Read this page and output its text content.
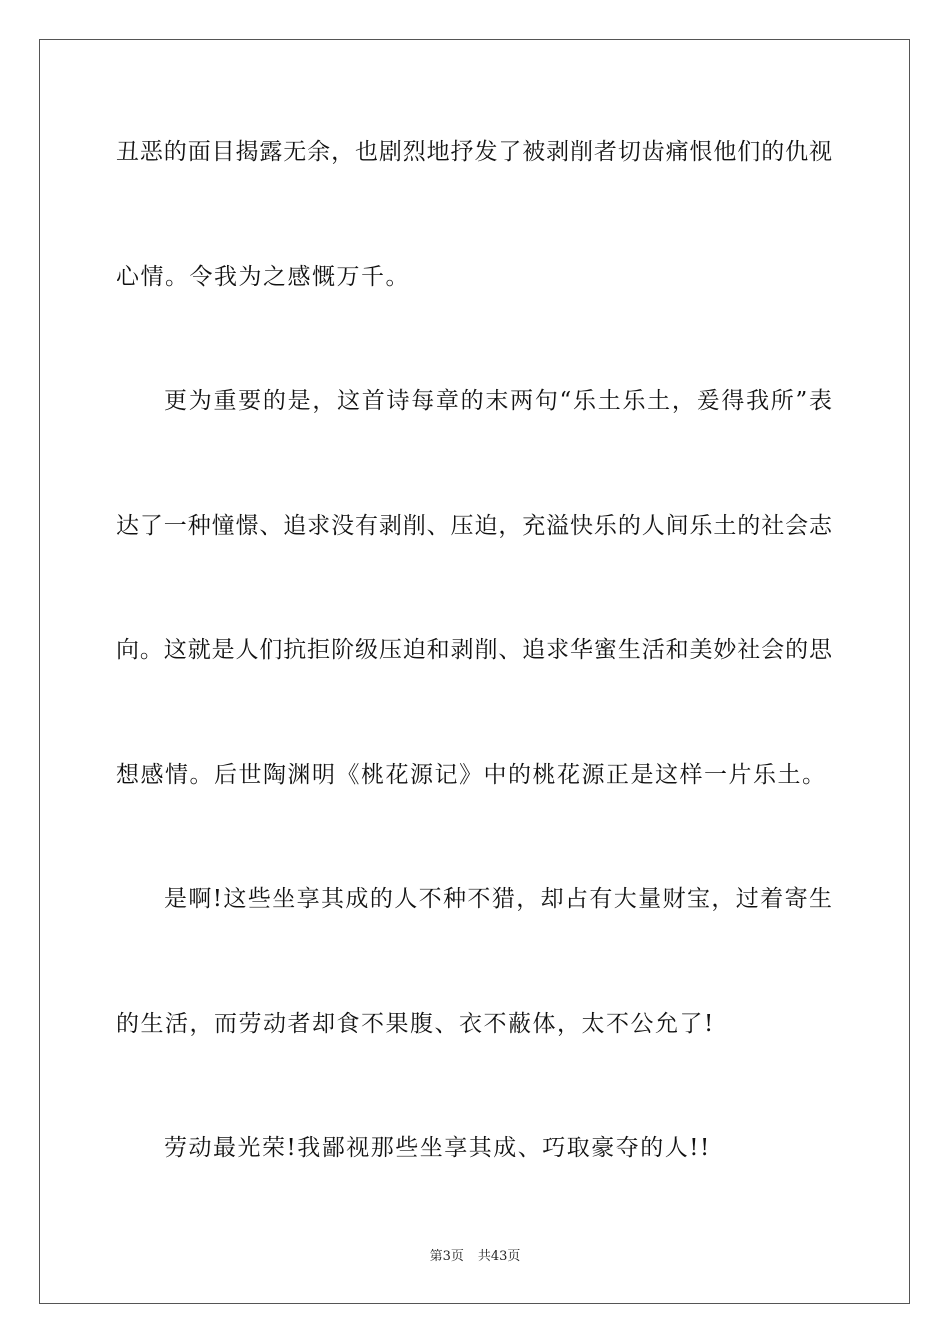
丑恶的面目揭露无余，也剧烈地抒发了被剥削者切齿痛恨他们的仇视
心情。令我为之感慨万千。
更为重要的是，这首诗每章的末两句“乐土乐土，爰得我所”表
达了一种憧憬、追求没有剥削、压迫，充溢快乐的人间乐土的社会志
向。这就是人们抗拒阶级压迫和剥削、追求华蜜生活和美妙社会的思
想感情。后世陶渊明《桃花源记》中的桃花源正是这样一片乐土。
是啊!这些坐享其成的人不种不猎，却占有大量财宝，过着寄生
的生活，而劳动者却食不果腹、衣不蔽体，太不公允了!
劳动最光荣!我鄙视那些坐享其成、巧取豪夺的人!!
第3页 共43页
